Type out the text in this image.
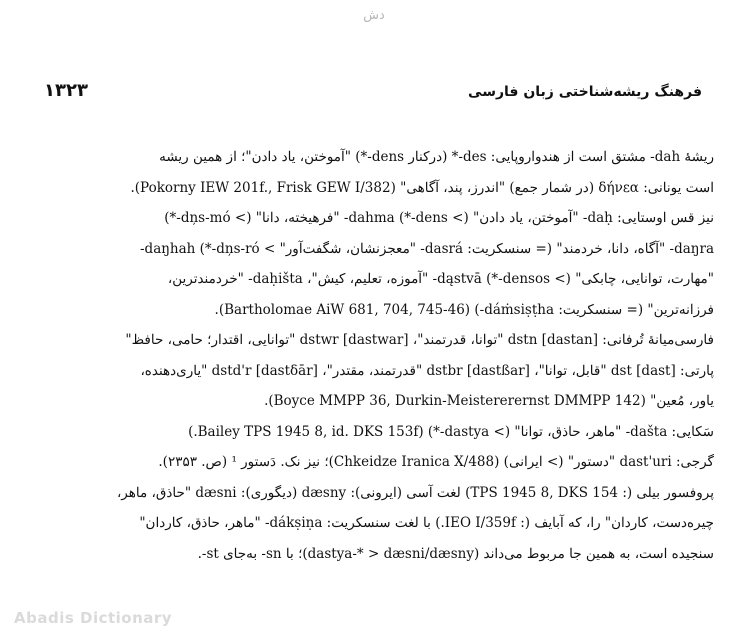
دش
۱۳۲۳	فرهنگ ریشه‌شناختی زبان فارسی
ریشهٔ dah- مشتق است از هندواروپایی: des-* (درکنار dens-*) "آموختن، یاد دادن"؛ از همین ریشه
است یونانی: δήνεα (در شمار جمع) "اندرز، پند، آگاهی" (Pokorny IEW 201f., Frisk GEW I/382).
نیز قس اوستایی: daḥ- "آموختن، یاد دادن" (> dens-*) dahma- "فرهیخته، دانا" (> dņs-mó-*)
daŋra- "آگاه، دانا، خردمند" (= سنسکریت: dasrá- "معجزنشان، شگفت‌آور" > dņs-ró-*) daŋhah-
"مهارت، توانایی، چابکی" (> densos-*) dąstvā- "آموزه، تعلیم، کیش"، daḥišta- "خردمندترین،
فرزانه‌ترین" (= سنسکریت: dáṁsiṣṭha-) (Bartholomae AiW 681, 704, 745-46).
فارسی‌میانهٔ تُرفانی: dstn [dastan] "توانا، قدرتمند"، dstwr [dastwar] "توانایی، اقتدار؛ حامی، حافظ"
پارتی: dst [dast] "قابل، توانا"، dstbr [dastßar] "قدرتمند، مقتدر"، dstd'r [dastδār] "یاری‌دهنده،
یاور، مُعین" (Boyce MMPP 36, Durkin-Meistererernst DMMPP 142).
سَکایی: dašta- "ماهر، حاذق، توانا" (> dastya-*) (Bailey TPS 1945 8, id. DKS 153f.)
گرجی: dast'uri "دستور" (> ایرانی) (Chkeidze Iranica X/488)؛ نیز نک. دَستور ¹ (ص. ۲۳۵۳).
پروفسور بیلی (: TPS 1945 8, DKS 154) لغت آسی (ایرونی): dæsny (دیگوری): dæsni "حاذق، ماهر،
چیره‌دست، کاردان" را، که آبایف (: IEO I/359f.) با لغت سنسکریت: dákṣiṇa- "ماهر، حاذق، کاردان"
سنجیده است، به همین جا مربوط می‌داند (dastya-* > dæsni/dæsny)؛ با sn- به‌جای st-.
Abadis Dictionary
